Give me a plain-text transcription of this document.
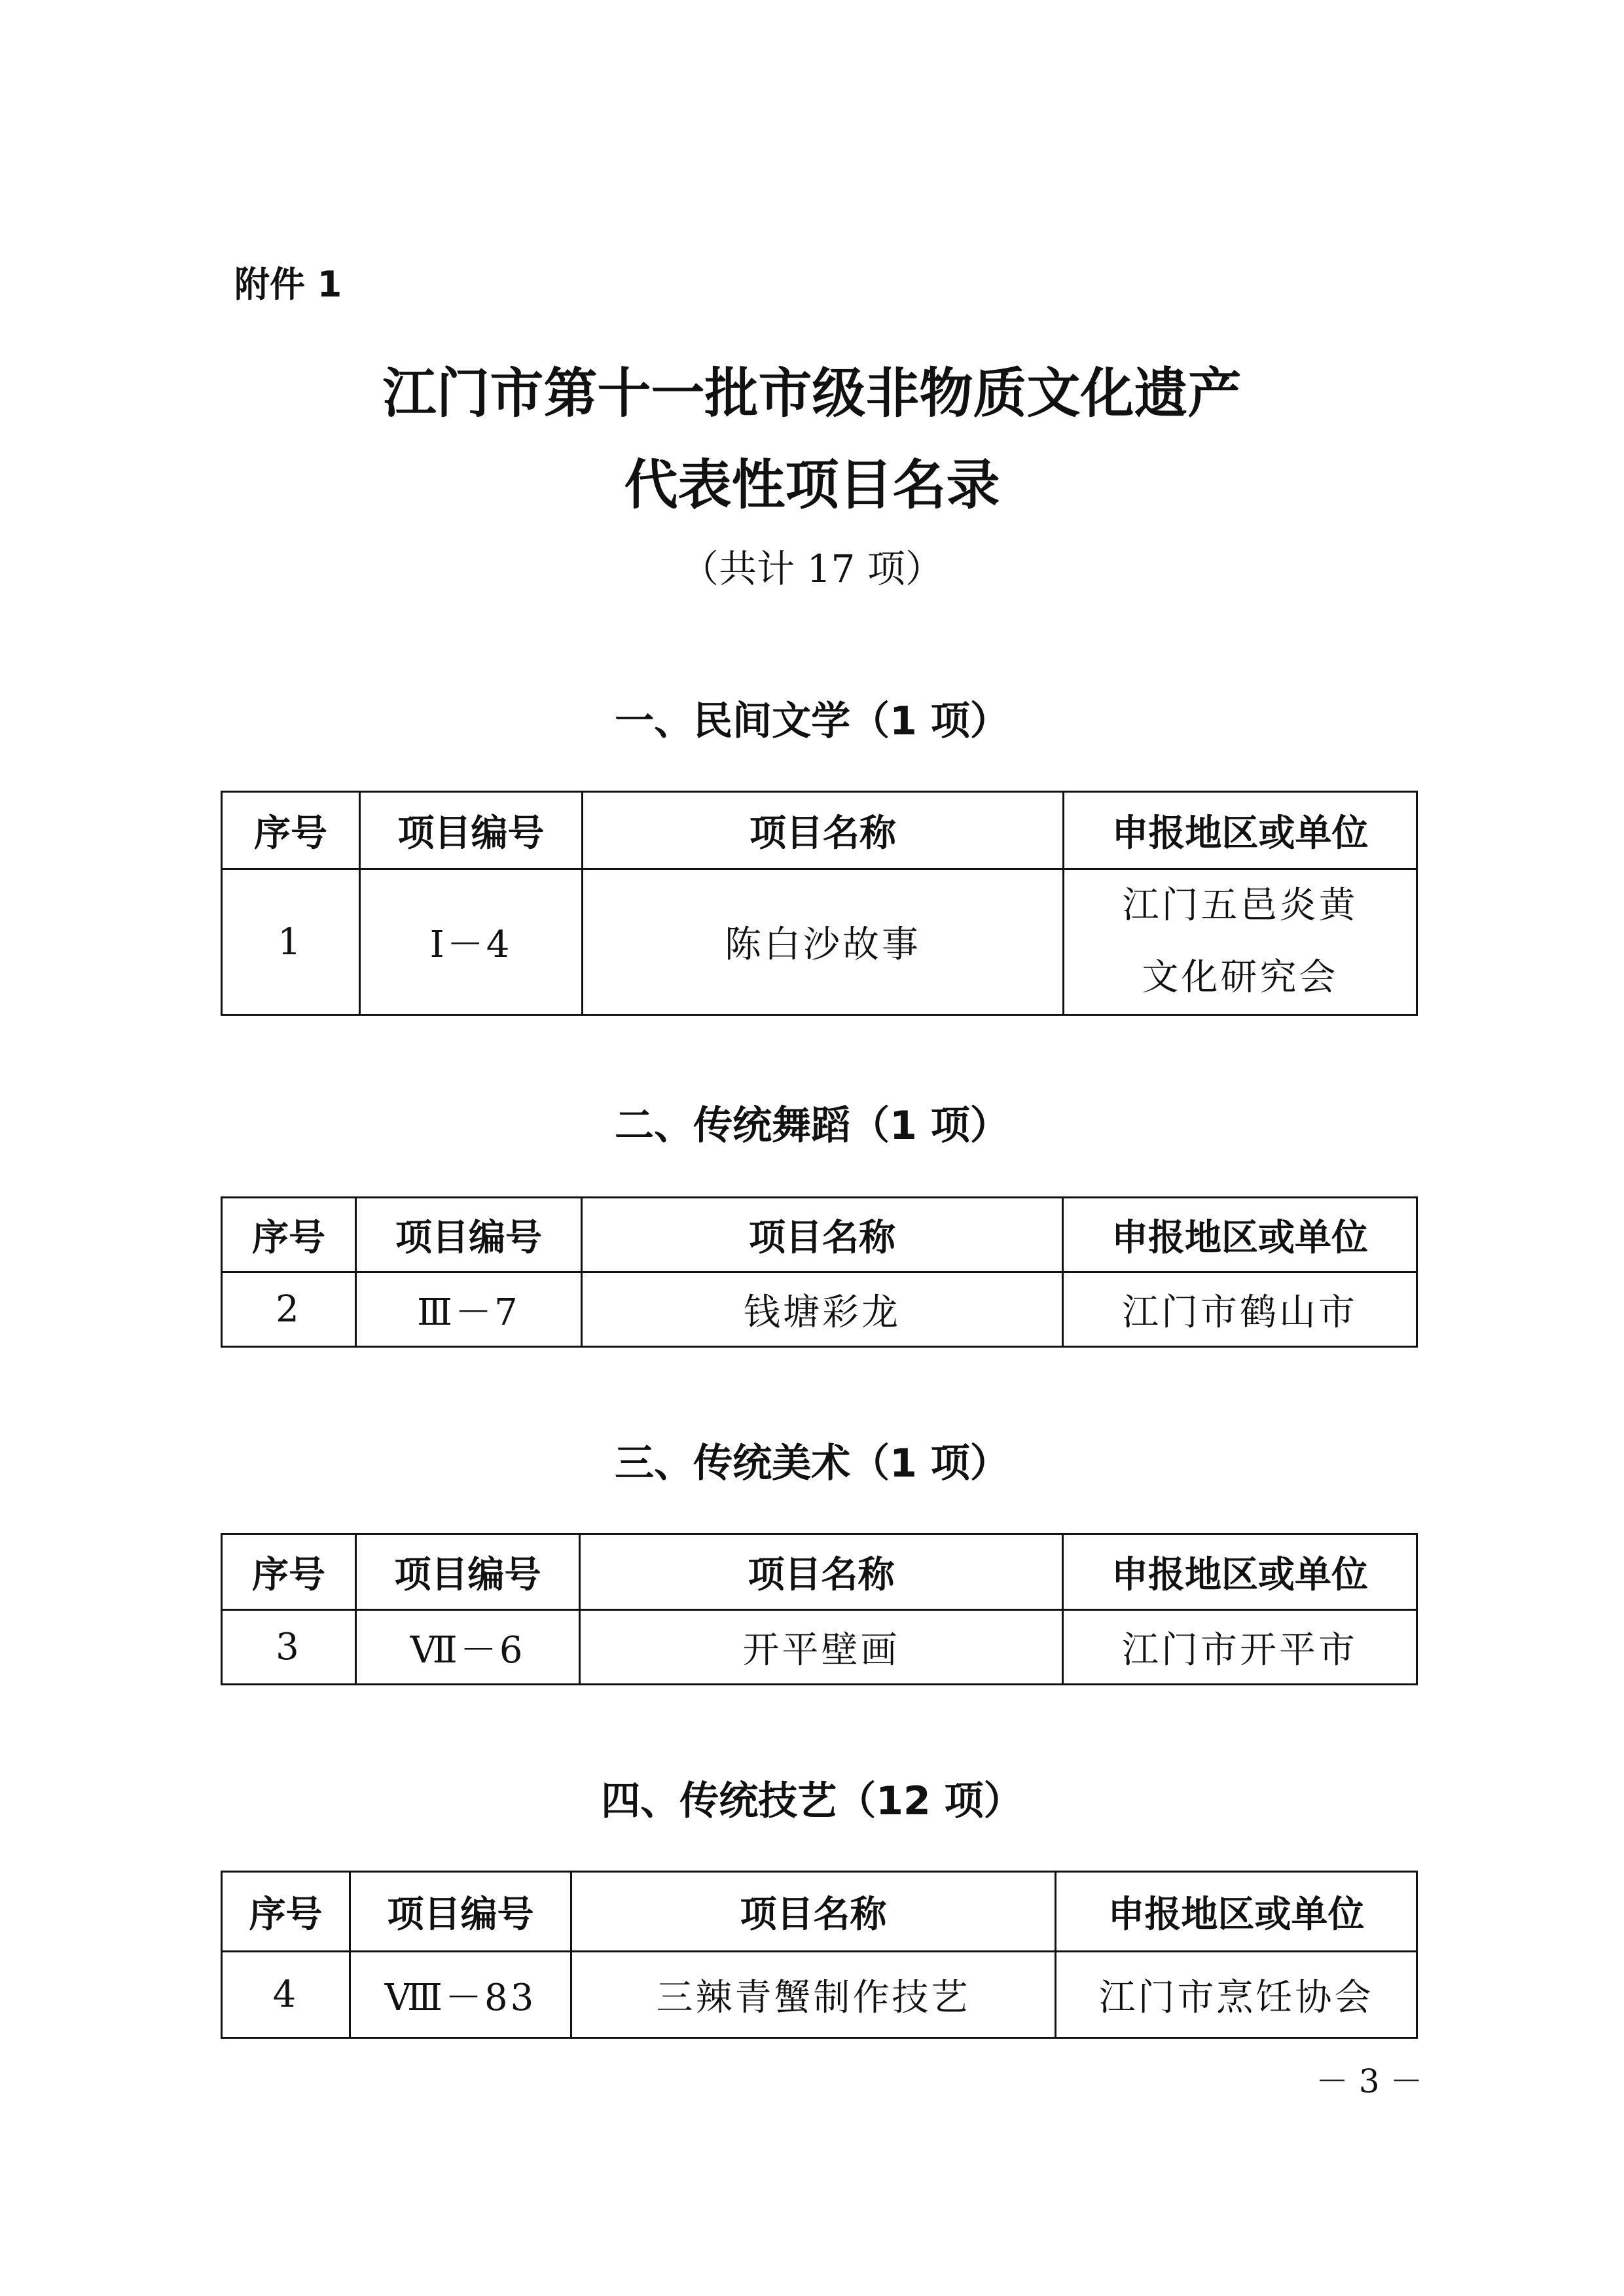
附件 1
江门市第十一批市级非物质文化遗产
代表性项目名录
（共计 17 项）
一、民间文学（1 项）
序号	项目编号	项目名称	申报地区或单位
1	Ⅰ－4	陈白沙故事	江门五邑炎黄
文化研究会
二、传统舞蹈（1 项）
序号	项目编号	项目名称	申报地区或单位
2	Ⅲ－7	钱塘彩龙	江门市鹤山市
三、传统美术（1 项）
序号	项目编号	项目名称	申报地区或单位
3	Ⅶ－6	开平壁画	江门市开平市
四、传统技艺（12 项）
序号	项目编号	项目名称	申报地区或单位
4	Ⅷ－83	三辣青蟹制作技艺	江门市烹饪协会
－ 3 －
